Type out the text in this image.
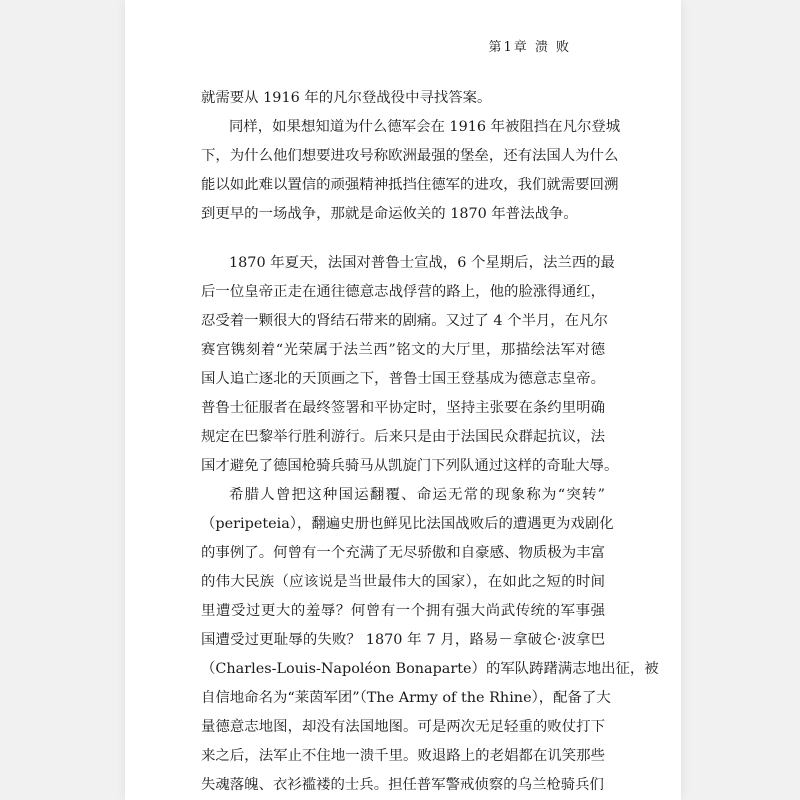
第1章 溃 败

就需要从 1916 年的凡尔登战役中寻找答案。
同样，如果想知道为什么德军会在 1916 年被阻挡在凡尔登城
下，为什么他们想要进攻号称欧洲最强的堡垒，还有法国人为什么
能以如此难以置信的顽强精神抵挡住德军的进攻，我们就需要回溯
到更早的一场战争，那就是命运攸关的 1870 年普法战争。
1870 年夏天，法国对普鲁士宣战，6 个星期后，法兰西的最
后一位皇帝正走在通往德意志战俘营的路上，他的脸涨得通红，
忍受着一颗很大的肾结石带来的剧痛。又过了 4 个半月，在凡尔
赛宫镌刻着“光荣属于法兰西”铭文的大厅里，那描绘法军对德
国人追亡逐北的天顶画之下，普鲁士国王登基成为德意志皇帝。
普鲁士征服者在最终签署和平协定时，坚持主张要在条约里明确
规定在巴黎举行胜利游行。后来只是由于法国民众群起抗议，法
国才避免了德国枪骑兵骑马从凯旋门下列队通过这样的奇耻大辱。
希腊人曾把这种国运翻覆、命运无常的现象称为“突转”
（peripeteia），翻遍史册也鲜见比法国战败后的遭遇更为戏剧化
的事例了。何曾有一个充满了无尽骄傲和自豪感、物质极为丰富
的伟大民族（应该说是当世最伟大的国家），在如此之短的时间
里遭受过更大的羞辱？何曾有一个拥有强大尚武传统的军事强
国遭受过更耻辱的失败？ 1870 年 7 月，路易－拿破仑·波拿巴
（Charles-Louis-Napoléon Bonaparte）的军队踌躇满志地出征，被
自信地命名为“莱茵军团”（The Army of the Rhine），配备了大
量德意志地图，却没有法国地图。可是两次无足轻重的败仗打下
来之后，法军止不住地一溃千里。败退路上的老娼都在讥笑那些
失魂落魄、衣衫褴褛的士兵。担任普军警戒侦察的乌兰枪骑兵们
